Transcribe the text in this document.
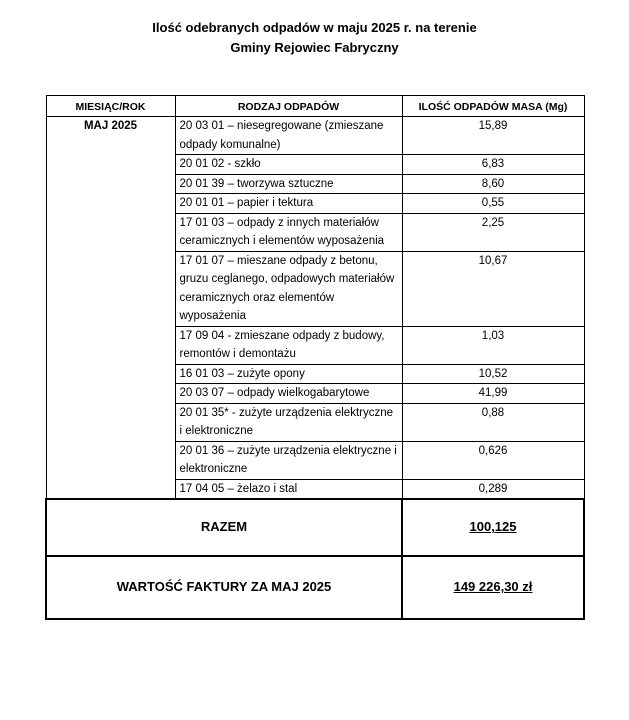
Ilość odebranych odpadów w maju 2025 r. na terenie
Gminy Rejowiec Fabryczny
MIESIĄC/ROK	RODZAJ ODPADÓW	ILOŚĆ ODPADÓW MASA (Mg)
MAJ 2025	20 03 01 – niesegregowane (zmieszane odpady komunalne)	15,89
	20 01 02 - szkło	6,83
	20 01 39 – tworzywa sztuczne	8,60
	20 01 01 – papier i tektura	0,55
	17 01 03 – odpady z innych materiałów ceramicznych i elementów wyposażenia	2,25
	17 01 07 – mieszane odpady z betonu, gruzu ceglanego, odpadowych materiałów ceramicznych oraz elementów wyposażenia	10,67
	17 09 04 - zmieszane odpady z budowy, remontów i demontażu	1,03
	16 01 03 – zużyte opony	10,52
	20 03 07 – odpady wielkogabarytowe	41,99
	20 01 35* - zużyte urządzenia elektryczne i elektroniczne	0,88
	20 01 36 – zużyte urządzenia elektryczne i elektroniczne	0,626
	17 04 05 – żelazo i stal	0,289
RAZEM		100,125
WARTOŚĆ FAKTURY ZA MAJ 2025		149 226,30 zł
